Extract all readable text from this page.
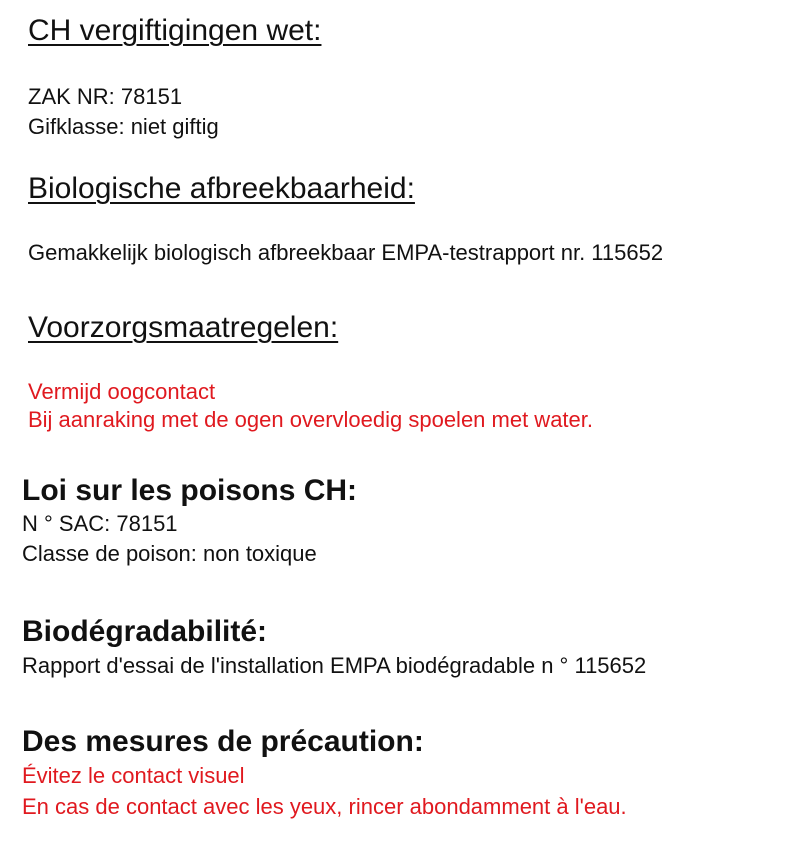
CH vergiftigingen wet:
ZAK NR: 78151
Gifklasse: niet giftig
Biologische afbreekbaarheid:
Gemakkelijk biologisch afbreekbaar EMPA-testrapport nr. 115652
Voorzorgsmaatregelen:
Vermijd oogcontact
Bij aanraking met de ogen overvloedig spoelen met water.
Loi sur les poisons CH:
N ° SAC: 78151
Classe de poison: non toxique
Biodégradabilité:
Rapport d'essai de l'installation EMPA biodégradable n ° 115652
Des mesures de précaution:
Évitez le contact visuel
En cas de contact avec les yeux, rincer abondamment à l'eau.
